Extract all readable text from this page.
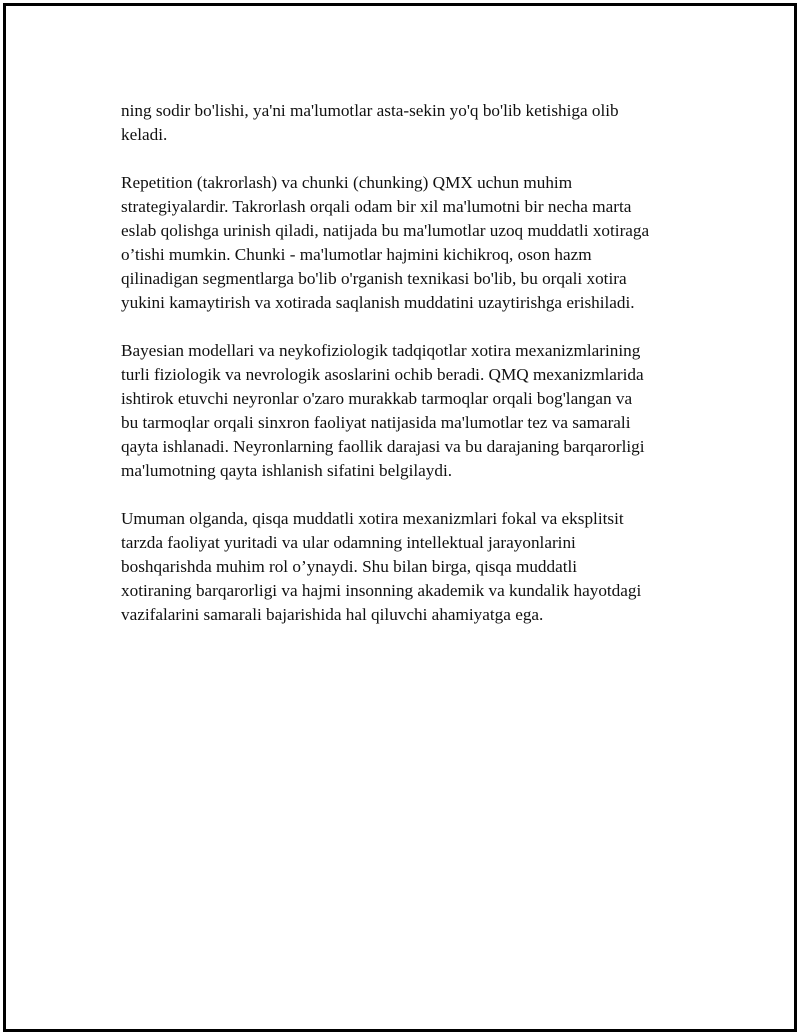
ning sodir bo'lishi, ya'ni ma'lumotlar asta-sekin yo'q bo'lib ketishiga olib
keladi.

Repetition (takrorlash) va chunki (chunking) QMX uchun muhim
strategiyalardir. Takrorlash orqali odam bir xil ma'lumotni bir necha marta
eslab qolishga urinish qiladi, natijada bu ma'lumotlar uzoq muddatli xotiraga
o’tishi mumkin. Chunki - ma'lumotlar hajmini kichikroq, oson hazm
qilinadigan segmentlarga bo'lib o'rganish texnikasi bo'lib, bu orqali xotira
yukini kamaytirish va xotirada saqlanish muddatini uzaytirishga erishiladi.

Bayesian modellari va neykofiziologik tadqiqotlar xotira mexanizmlarining
turli fiziologik va nevrologik asoslarini ochib beradi. QMQ mexanizmlarida
ishtirok etuvchi neyronlar o'zaro murakkab tarmoqlar orqali bog'langan va
bu tarmoqlar orqali sinxron faoliyat natijasida ma'lumotlar tez va samarali
qayta ishlanadi. Neyronlarning faollik darajasi va bu darajaning barqarorligi
ma'lumotning qayta ishlanish sifatini belgilaydi.

Umuman olganda, qisqa muddatli xotira mexanizmlari fokal va eksplitsit
tarzda faoliyat yuritadi va ular odamning intellektual jarayonlarini
boshqarishda muhim rol o’ynaydi. Shu bilan birga, qisqa muddatli
xotiraning barqarorligi va hajmi insonning akademik va kundalik hayotdagi
vazifalarini samarali bajarishida hal qiluvchi ahamiyatga ega.
